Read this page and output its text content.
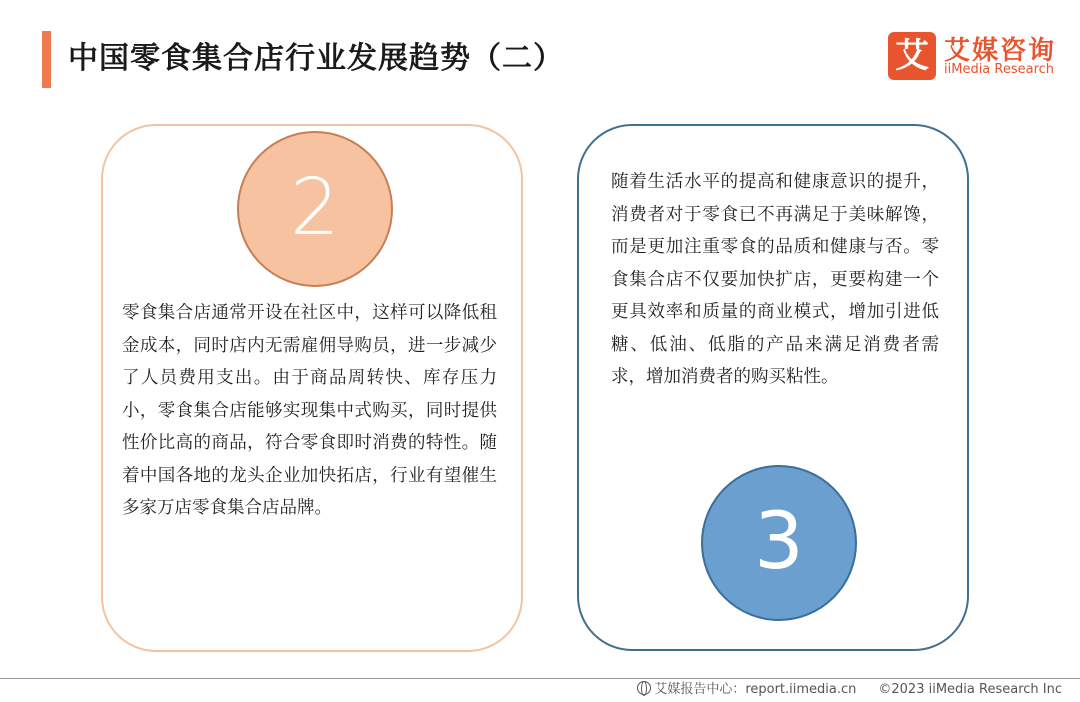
中国零食集合店行业发展趋势（二）	艾 艾媒咨询
iiMedia Research
2

零食集合店通常开设在社区中，这样可以降低租金成本，同时店内无需雇佣导购员，进一步减少了人员费用支出。由于商品周转快、库存压力小，零食集合店能够实现集中式购买，同时提供性价比高的商品，符合零食即时消费的特性。随着中国各地的龙头企业加快拓店，行业有望催生多家万店零食集合店品牌。

随着生活水平的提高和健康意识的提升，消费者对于零食已不再满足于美味解馋，而是更加注重零食的品质和健康与否。零食集合店不仅要加快扩店，更要构建一个更具效率和质量的商业模式，增加引进低糖、低油、低脂的产品来满足消费者需求，增加消费者的购买粘性。

3
艾媒报告中心：report.iimedia.cn ©2023 iiMedia Research Inc
